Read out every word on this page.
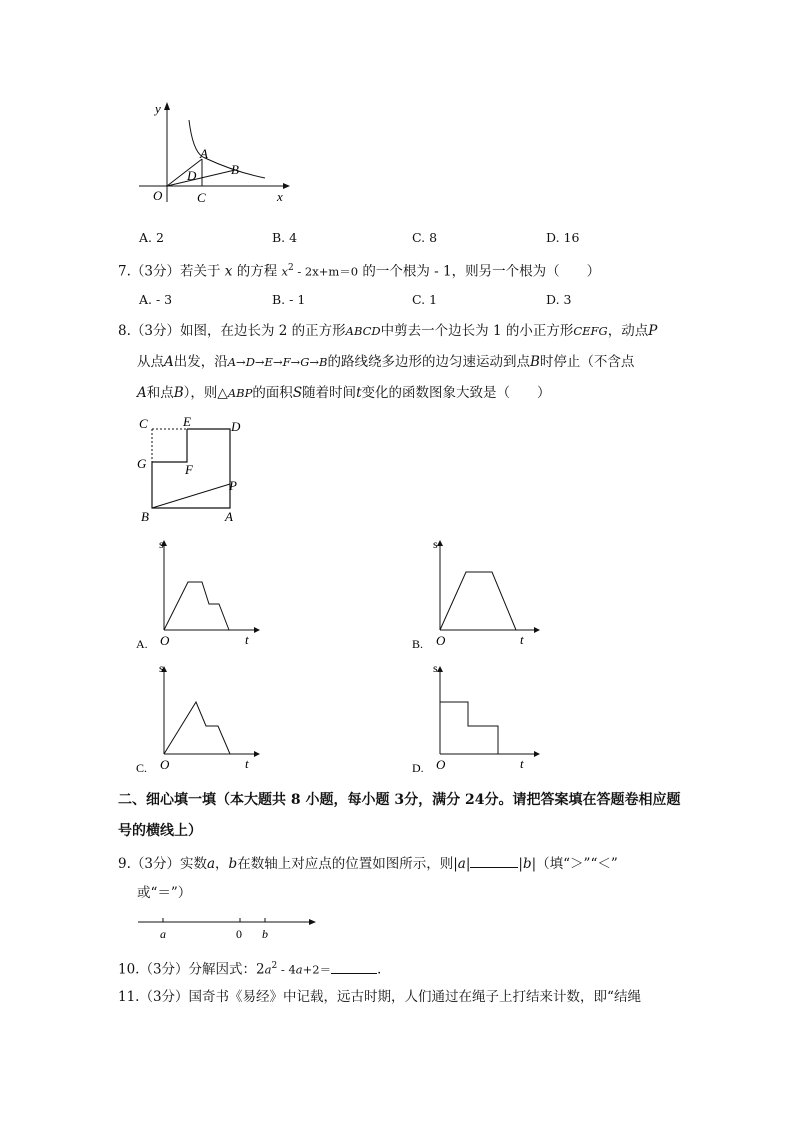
y
A
B
D
O	C	x
A. 2	B. 4	C. 8	D. 16
7.（3分）若关于 x 的方程 $x^2 - 2x+m=0$ 的一个根为 - 1，则另一个根为（　　）
A. - 3	B. - 1	C. 1	D. 3
8.（3分）如图，在边长为 2 的正方形ABCD中剪去一个边长为 1 的小正方形CEFG，动点P
从点A出发，沿A→D→E→F→G→B的路线绕多边形的边匀速运动到点B时停止（不含点
A和点B），则△ABP的面积S随着时间t变化的函数图象大致是（　　）
C	E	D
G	F
P
B	A
s
O	t
A.
s
O	t
B.
s
O	t
C.
s
O	t
D.
二、细心填一填（本大题共 8 小题，每小题 3分，满分 24分。请把答案填在答题卷相应题
号的横线上）
9.（3分）实数a，b在数轴上对应点的位置如图所示，则|a|	|b|（填“＞”“＜”
或“＝”）
a	0 b
10.（3分）分解因式：$2a^2 - 4a+2=$	．
11.（3分）国奇书《易经》中记载，远古时期，人们通过在绳子上打结来计数，即“结绳
